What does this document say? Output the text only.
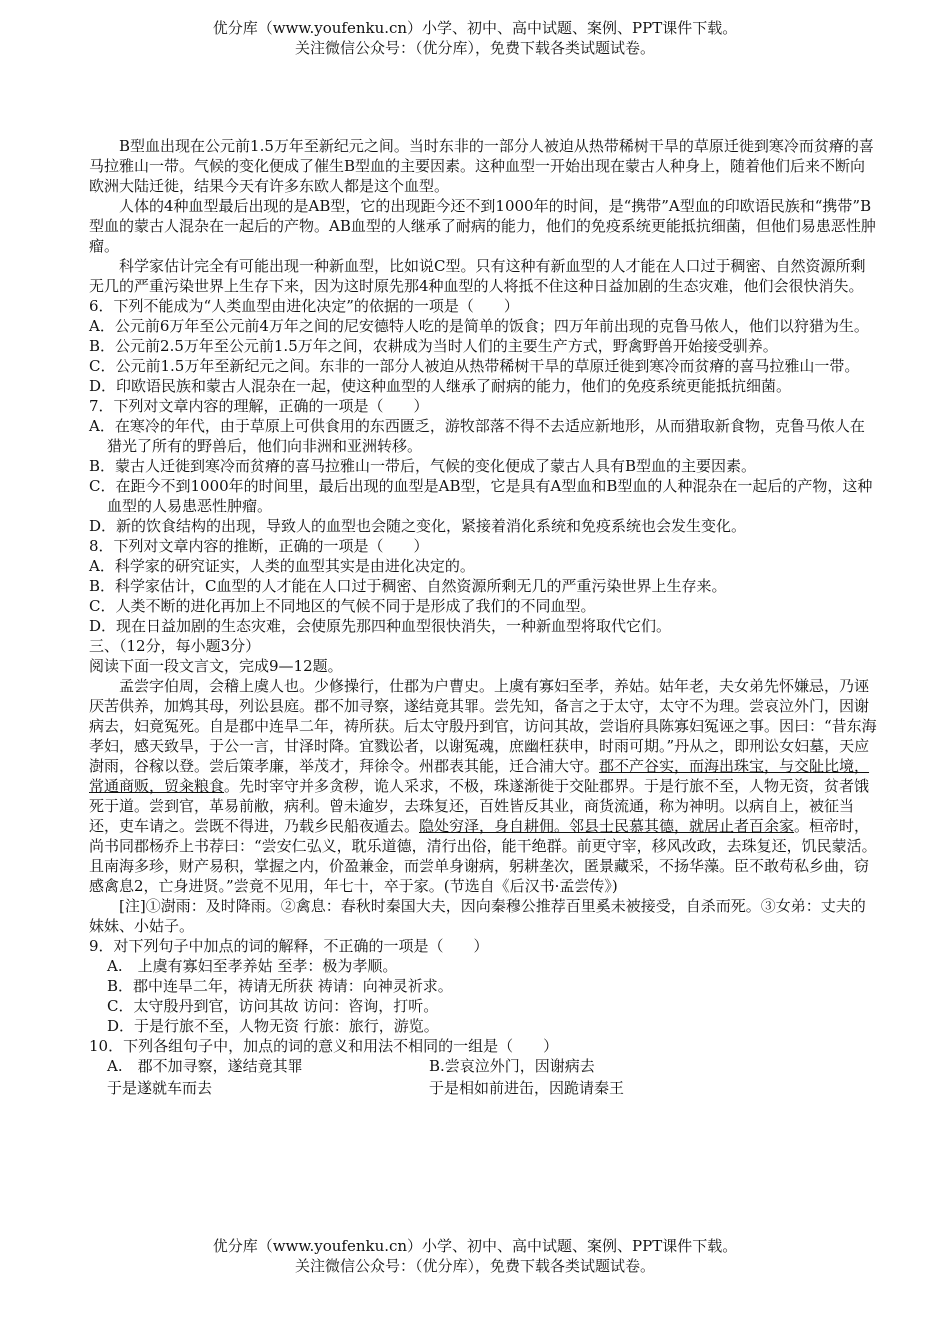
优分库（www.youfenku.cn）小学、初中、高中试题、案例、PPT课件下载。
关注微信公众号：（优分库），免费下载各类试题试卷。

B型血出现在公元前1.5万年至新纪元之间。当时东非的一部分人被迫从热带稀树干旱的草原迁徙到寒冷而贫瘠的喜马拉雅山一带。气候的变化便成了催生B型血的主要因素。这种血型一开始出现在蒙古人种身上，随着他们后来不断向欧洲大陆迁徙，结果今天有许多东欧人都是这个血型。

人体的4种血型最后出现的是AB型，它的出现距今还不到1000年的时间，是“携带”A型血的印欧语民族和“携带”B型血的蒙古人混杂在一起后的产物。AB血型的人继承了耐病的能力，他们的免疫系统更能抵抗细菌，但他们易患恶性肿瘤。

科学家估计完全有可能出现一种新血型，比如说C型。只有这种有新血型的人才能在人口过于稠密、自然资源所剩无几的严重污染世界上生存下来，因为这时原先那4种血型的人将抵不住这种日益加剧的生态灾难，他们会很快消失。

6．下列不能成为“人类血型由进化决定”的依据的一项是（　　）

A．公元前6万年至公元前4万年之间的尼安德特人吃的是简单的饭食；四万年前出现的克鲁马侬人，他们以狩猎为生。

B．公元前2.5万年至公元前1.5万年之间，农耕成为当时人们的主要生产方式，野禽野兽开始接受驯养。

C．公元前1.5万年至新纪元之间。东非的一部分人被迫从热带稀树干旱的草原迁徙到寒冷而贫瘠的喜马拉雅山一带。

D．印欧语民族和蒙古人混杂在一起，使这种血型的人继承了耐病的能力，他们的免疫系统更能抵抗细菌。

7．下列对文章内容的理解，正确的一项是（　　）

A．在寒冷的年代，由于草原上可供食用的东西匮乏，游牧部落不得不去适应新地形，从而猎取新食物，克鲁马侬人在猎光了所有的野兽后，他们向非洲和亚洲转移。

B．蒙古人迁徙到寒冷而贫瘠的喜马拉雅山一带后，气候的变化便成了蒙古人具有B型血的主要因素。

C．在距今不到1000年的时间里，最后出现的血型是AB型，它是具有A型血和B型血的人种混杂在一起后的产物，这种血型的人易患恶性肿瘤。

D．新的饮食结构的出现，导致人的血型也会随之变化，紧接着消化系统和免疫系统也会发生变化。

8．下列对文章内容的推断，正确的一项是（　　）

A．科学家的研究证实，人类的血型其实是由进化决定的。

B．科学家估计，C血型的人才能在人口过于稠密、自然资源所剩无几的严重污染世界上生存来。

C．人类不断的进化再加上不同地区的气候不同于是形成了我们的不同血型。

D．现在日益加剧的生态灾难，会使原先那四种血型很快消失，一种新血型将取代它们。

三、（12分，每小题3分）

阅读下面一段文言文，完成9—12题。

孟尝字伯周，会稽上虞人也。少修操行，仕郡为户曹史。上虞有寡妇至孝，养姑。姑年老，夫女弟先怀嫌忌，乃诬厌苦供养，加鸩其母，列讼县庭。郡不加寻察，遂结竟其罪。尝先知，备言之于太守，太守不为理。尝哀泣外门，因谢病去，妇竟冤死。自是郡中连旱二年，祷所获。后太守殷丹到官，访问其故，尝诣府具陈寡妇冤诬之事。因曰：“昔东海孝妇，感天致旱，于公一言，甘泽时降。宜戮讼者，以谢冤魂，庶幽枉获申，时雨可期。”丹从之，即刑讼女妇墓，天应澍雨，谷稼以登。尝后策孝廉，举茂才，拜徐令。州郡表其能，迁合浦大守。郡不产谷实，而海出珠宝，与交阯比境，常通商贩，贸籴粮食。先时宰守并多贪秽，诡人采求，不极，珠遂渐徙于交阯郡界。于是行旅不至，人物无资，贫者饿死于道。尝到官，革易前敝，病利。曾未逾岁，去珠复还，百姓皆反其业，商货流通，称为神明。以病自上，被征当还，吏车请之。尝既不得进，乃载乡民船夜遁去。隐处穷泽，身自耕佣。邻县士民慕其德，就居止者百余家。桓帝时，尚书同郡杨乔上书荐曰：“尝安仁弘义，耽乐道德，清行出俗，能干绝群。前更守宰，移风改政，去珠复还，饥民蒙活。且南海多珍，财产易积，掌握之内，价盈兼金，而尝单身谢病，躬耕垄次，匿景藏采，不扬华藻。臣不敢苟私乡曲，窃感禽息2，亡身进贤。”尝竟不见用，年七十，卒于家。(节选自《后汉书·孟尝传》)

[注]①澍雨：及时降雨。②禽息：春秋时秦国大夫，因向秦穆公推荐百里奚未被接受，自杀而死。③女弟：丈夫的妹妹、小姑子。

9．对下列句子中加点的词的解释，不正确的一项是（　　）

A.　上虞有寡妇至孝养姑 至孝：极为孝顺。

B．郡中连旱二年，祷请无所获 祷请：向神灵祈求。

C．太守殷丹到官，访问其故 访问：咨询，打听。

D．于是行旅不至，人物无资 行旅：旅行，游览。

10．下列各组句子中，加点的词的意义和用法不相同的一组是（　　）

A.　郡不加寻察，遂结竟其罪	B.尝哀泣外门，因谢病去
于是遂就车而去	于是相如前进缶，因跪请秦王
优分库（www.youfenku.cn）小学、初中、高中试题、案例、PPT课件下载。
关注微信公众号：（优分库），免费下载各类试题试卷。
